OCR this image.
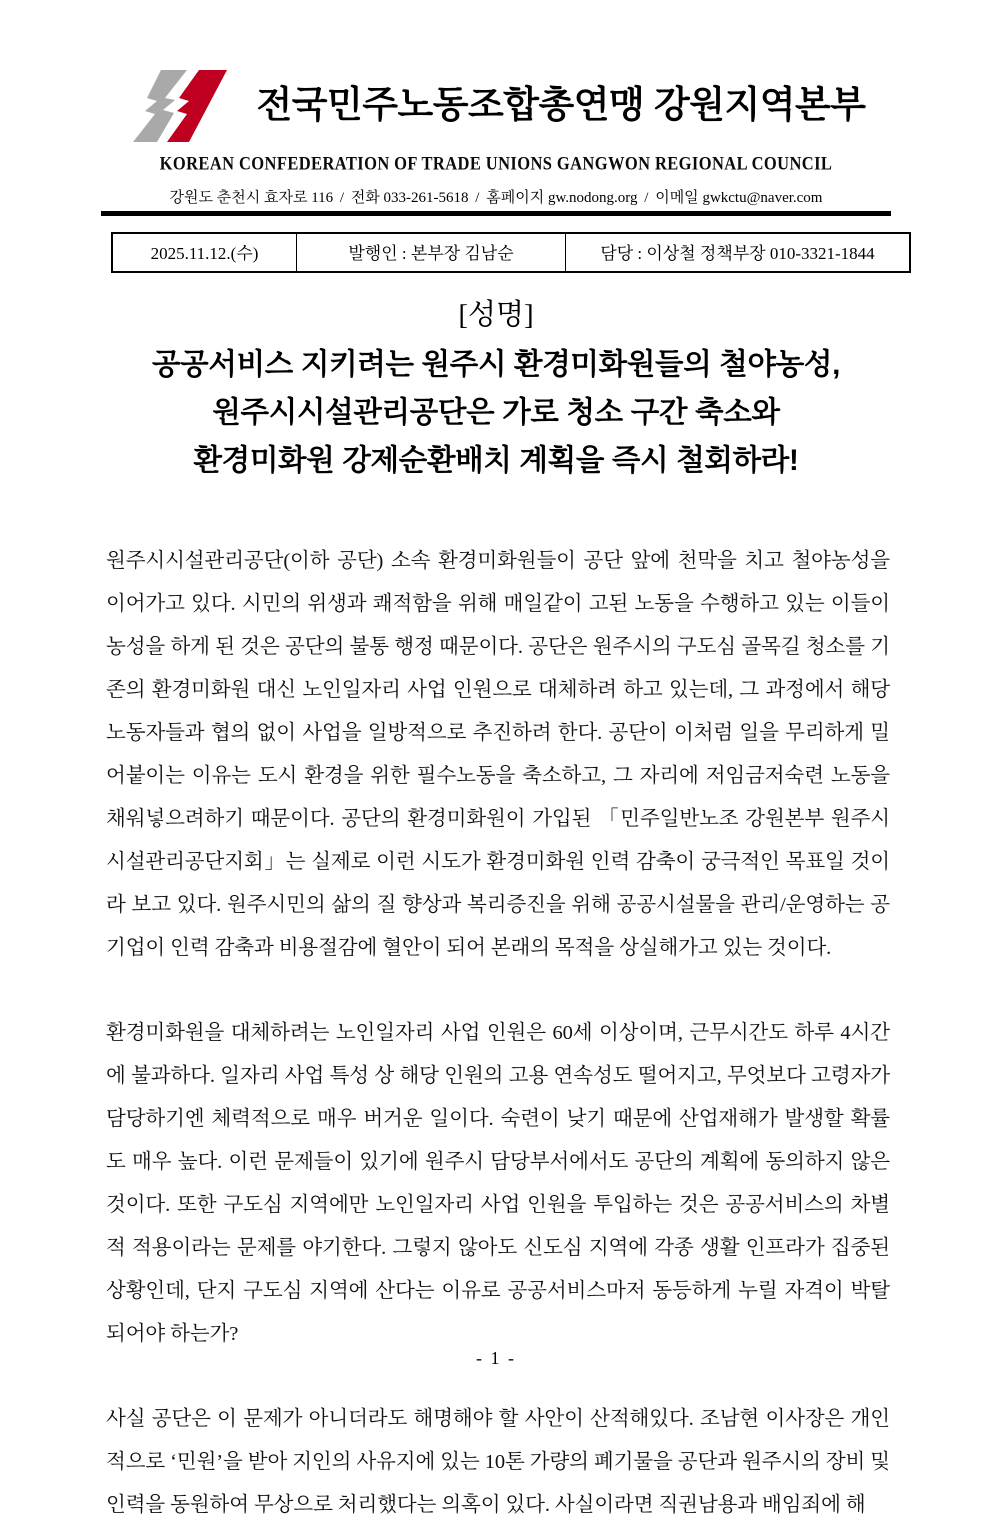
전국민주노동조합총연맹 강원지역본부
KOREAN CONFEDERATION OF TRADE UNIONS GANGWON REGIONAL COUNCIL
강원도 춘천시 효자로 116 / 전화 033-261-5618 / 홈페이지 gw.nodong.org / 이메일 gwkctu@naver.com
2025.11.12.(수)	발행인 : 본부장 김남순	담당 : 이상철 정책부장 010-3321-1844
[성명]
공공서비스 지키려는 원주시 환경미화원들의 철야농성,
원주시시설관리공단은 가로 청소 구간 축소와
환경미화원 강제순환배치 계획을 즉시 철회하라!

원주시시설관리공단(이하 공단) 소속 환경미화원들이 공단 앞에 천막을 치고 철야농성을 이어가고 있다. 시민의 위생과 쾌적함을 위해 매일같이 고된 노동을 수행하고 있는 이들이 농성을 하게 된 것은 공단의 불통 행정 때문이다. 공단은 원주시의 구도심 골목길 청소를 기존의 환경미화원 대신 노인일자리 사업 인원으로 대체하려 하고 있는데, 그 과정에서 해당 노동자들과 협의 없이 사업을 일방적으로 추진하려 한다. 공단이 이처럼 일을 무리하게 밀어붙이는 이유는 도시 환경을 위한 필수노동을 축소하고, 그 자리에 저임금저숙련 노동을 채워넣으려하기 때문이다. 공단의 환경미화원이 가입된 「민주일반노조 강원본부 원주시시설관리공단지회」는 실제로 이런 시도가 환경미화원 인력 감축이 궁극적인 목표일 것이라 보고 있다. 원주시민의 삶의 질 향상과 복리증진을 위해 공공시설물을 관리/운영하는 공기업이 인력 감축과 비용절감에 혈안이 되어 본래의 목적을 상실해가고 있는 것이다.

환경미화원을 대체하려는 노인일자리 사업 인원은 60세 이상이며, 근무시간도 하루 4시간에 불과하다. 일자리 사업 특성 상 해당 인원의 고용 연속성도 떨어지고, 무엇보다 고령자가 담당하기엔 체력적으로 매우 버거운 일이다. 숙련이 낮기 때문에 산업재해가 발생할 확률도 매우 높다. 이런 문제들이 있기에 원주시 담당부서에서도 공단의 계획에 동의하지 않은 것이다. 또한 구도심 지역에만 노인일자리 사업 인원을 투입하는 것은 공공서비스의 차별적 적용이라는 문제를 야기한다. 그렇지 않아도 신도심 지역에 각종 생활 인프라가 집중된 상황인데, 단지 구도심 지역에 산다는 이유로 공공서비스마저 동등하게 누릴 자격이 박탈되어야 하는가?

사실 공단은 이 문제가 아니더라도 해명해야 할 사안이 산적해있다. 조남현 이사장은 개인적으로 ‘민원’을 받아 지인의 사유지에 있는 10톤 가량의 폐기물을 공단과 원주시의 장비 및 인력을 동원하여 무상으로 처리했다는 의혹이 있다. 사실이라면 직권남용과 배임죄에 해

- 1 -
